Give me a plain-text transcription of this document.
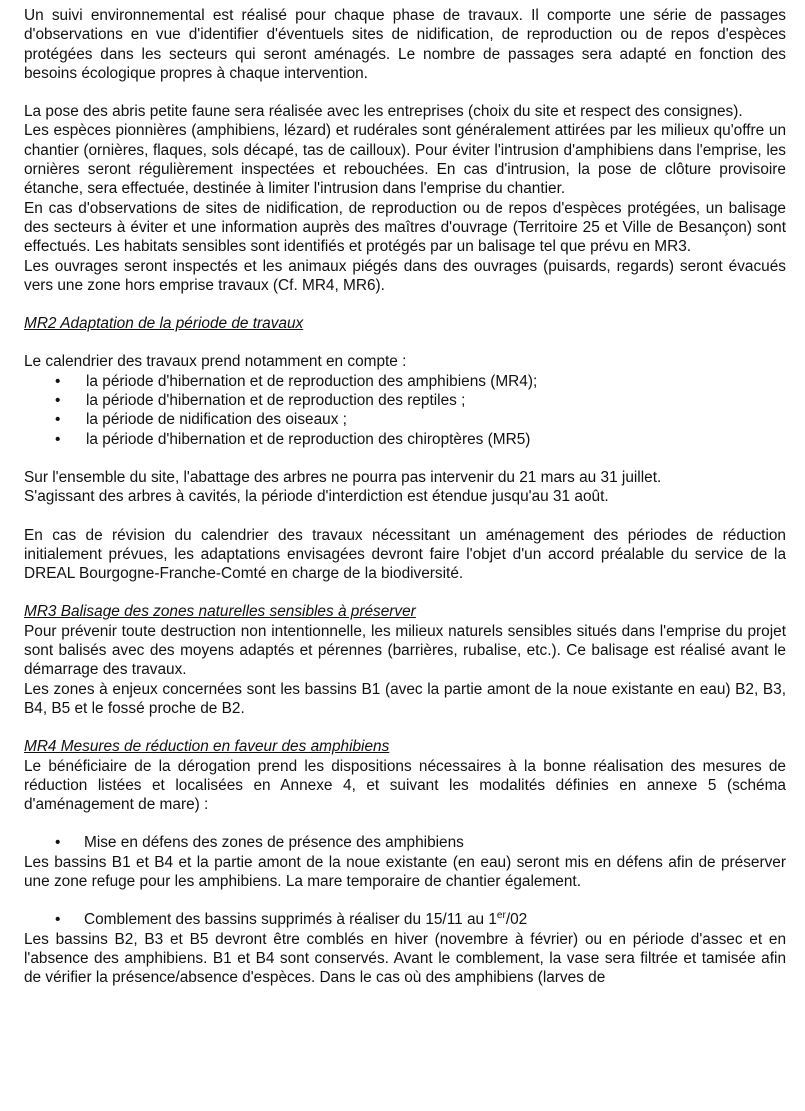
Un suivi environnemental est réalisé pour chaque phase de travaux. Il comporte une série de passages d'observations en vue d'identifier d'éventuels sites de nidification, de reproduction ou de repos d'espèces protégées dans les secteurs qui seront aménagés. Le nombre de passages sera adapté en fonction des besoins écologique propres à chaque intervention.

La pose des abris petite faune sera réalisée avec les entreprises (choix du site et respect des consignes).

Les espèces pionnières (amphibiens, lézard) et rudérales sont généralement attirées par les milieux qu'offre un chantier (ornières, flaques, sols décapé, tas de cailloux). Pour éviter l'intrusion d'amphibiens dans l'emprise, les ornières seront régulièrement inspectées et rebouchées. En cas d'intrusion, la pose de clôture provisoire étanche, sera effectuée, destinée à limiter l'intrusion dans l'emprise du chantier.

En cas d'observations de sites de nidification, de reproduction ou de repos d'espèces protégées, un balisage des secteurs à éviter et une information auprès des maîtres d'ouvrage (Territoire 25 et Ville de Besançon) sont effectués. Les habitats sensibles sont identifiés et protégés par un balisage tel que prévu en MR3.

Les ouvrages seront inspectés et les animaux piégés dans des ouvrages (puisards, regards) seront évacués vers une zone hors emprise travaux (Cf. MR4, MR6).

MR2 Adaptation de la période de travaux

Le calendrier des travaux prend notamment en compte :

• la période d'hibernation et de reproduction des amphibiens (MR4);
• la période d'hibernation et de reproduction des reptiles ;
• la période de nidification des oiseaux ;
• la période d'hibernation et de reproduction des chiroptères (MR5)

Sur l'ensemble du site, l'abattage des arbres ne pourra pas intervenir du 21 mars au 31 juillet.

S'agissant des arbres à cavités, la période d'interdiction est étendue jusqu'au 31 août.

En cas de révision du calendrier des travaux nécessitant un aménagement des périodes de réduction initialement prévues, les adaptations envisagées devront faire l'objet d'un accord préalable du service de la DREAL Bourgogne-Franche-Comté en charge de la biodiversité.

MR3 Balisage des zones naturelles sensibles à préserver

Pour prévenir toute destruction non intentionnelle, les milieux naturels sensibles situés dans l'emprise du projet sont balisés avec des moyens adaptés et pérennes (barrières, rubalise, etc.). Ce balisage est réalisé avant le démarrage des travaux.

Les zones à enjeux concernées sont les bassins B1 (avec la partie amont de la noue existante en eau) B2, B3, B4, B5 et le fossé proche de B2.

MR4 Mesures de réduction en faveur des amphibiens

Le bénéficiaire de la dérogation prend les dispositions nécessaires à la bonne réalisation des mesures de réduction listées et localisées en Annexe 4, et suivant les modalités définies en annexe 5 (schéma d'aménagement de mare) :

• Mise en défens des zones de présence des amphibiens

Les bassins B1 et B4 et la partie amont de la noue existante (en eau) seront mis en défens afin de préserver une zone refuge pour les amphibiens. La mare temporaire de chantier également.

• Comblement des bassins supprimés à réaliser du 15/11 au 1er/02

Les bassins B2, B3 et B5 devront être comblés en hiver (novembre à février) ou en période d'assec et en l'absence des amphibiens. B1 et B4 sont conservés. Avant le comblement, la vase sera filtrée et tamisée afin de vérifier la présence/absence d'espèces. Dans le cas où des amphibiens (larves de
